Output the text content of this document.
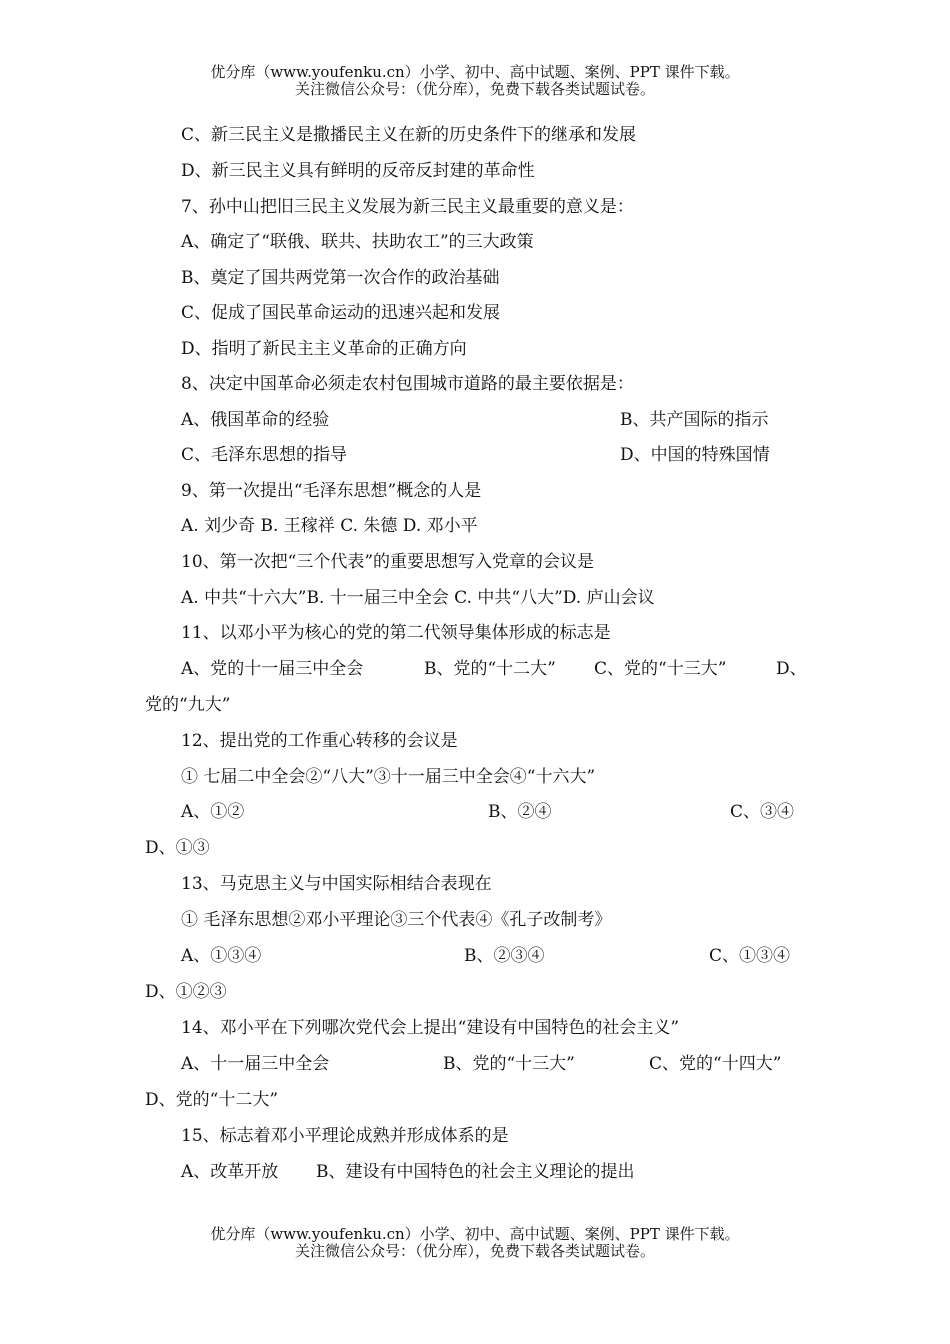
优分库（www.youfenku.cn）小学、初中、高中试题、案例、PPT 课件下载。
关注微信公众号：（优分库），免费下载各类试题试卷。
C、新三民主义是撒播民主义在新的历史条件下的继承和发展
D、新三民主义具有鲜明的反帝反封建的革命性
7、孙中山把旧三民主义发展为新三民主义最重要的意义是：
A、确定了“联俄、联共、扶助农工”的三大政策
B、奠定了国共两党第一次合作的政治基础
C、促成了国民革命运动的迅速兴起和发展
D、指明了新民主主义革命的正确方向
8、决定中国革命必须走农村包围城市道路的最主要依据是：
A、俄国革命的经验	B、共产国际的指示
C、毛泽东思想的指导	D、中国的特殊国情
9、第一次提出“毛泽东思想”概念的人是
A. 刘少奇 B. 王稼祥 C. 朱德 D. 邓小平
10、第一次把“三个代表”的重要思想写入党章的会议是
A. 中共“十六大”B. 十一届三中全会 C. 中共“八大”D. 庐山会议
11、以邓小平为核心的党的第二代领导集体形成的标志是
A、党的十一届三中全会	B、党的“十二大” C、党的“十三大”	D、
党的“九大”
12、提出党的工作重心转移的会议是
① 七届二中全会②“八大”③十一届三中全会④“十六大”
A、①②	B、②④	C、③④
D、①③
13、马克思主义与中国实际相结合表现在
① 毛泽东思想②邓小平理论③三个代表④《孔子改制考》
A、①③④	B、②③④	C、①③④
D、①②③
14、邓小平在下列哪次党代会上提出“建设有中国特色的社会主义”
A、十一届三中全会	B、党的“十三大”	C、党的“十四大”
D、党的“十二大”
15、标志着邓小平理论成熟并形成体系的是
A、改革开放 B、建设有中国特色的社会主义理论的提出
优分库（www.youfenku.cn）小学、初中、高中试题、案例、PPT 课件下载。
关注微信公众号：（优分库），免费下载各类试题试卷。
